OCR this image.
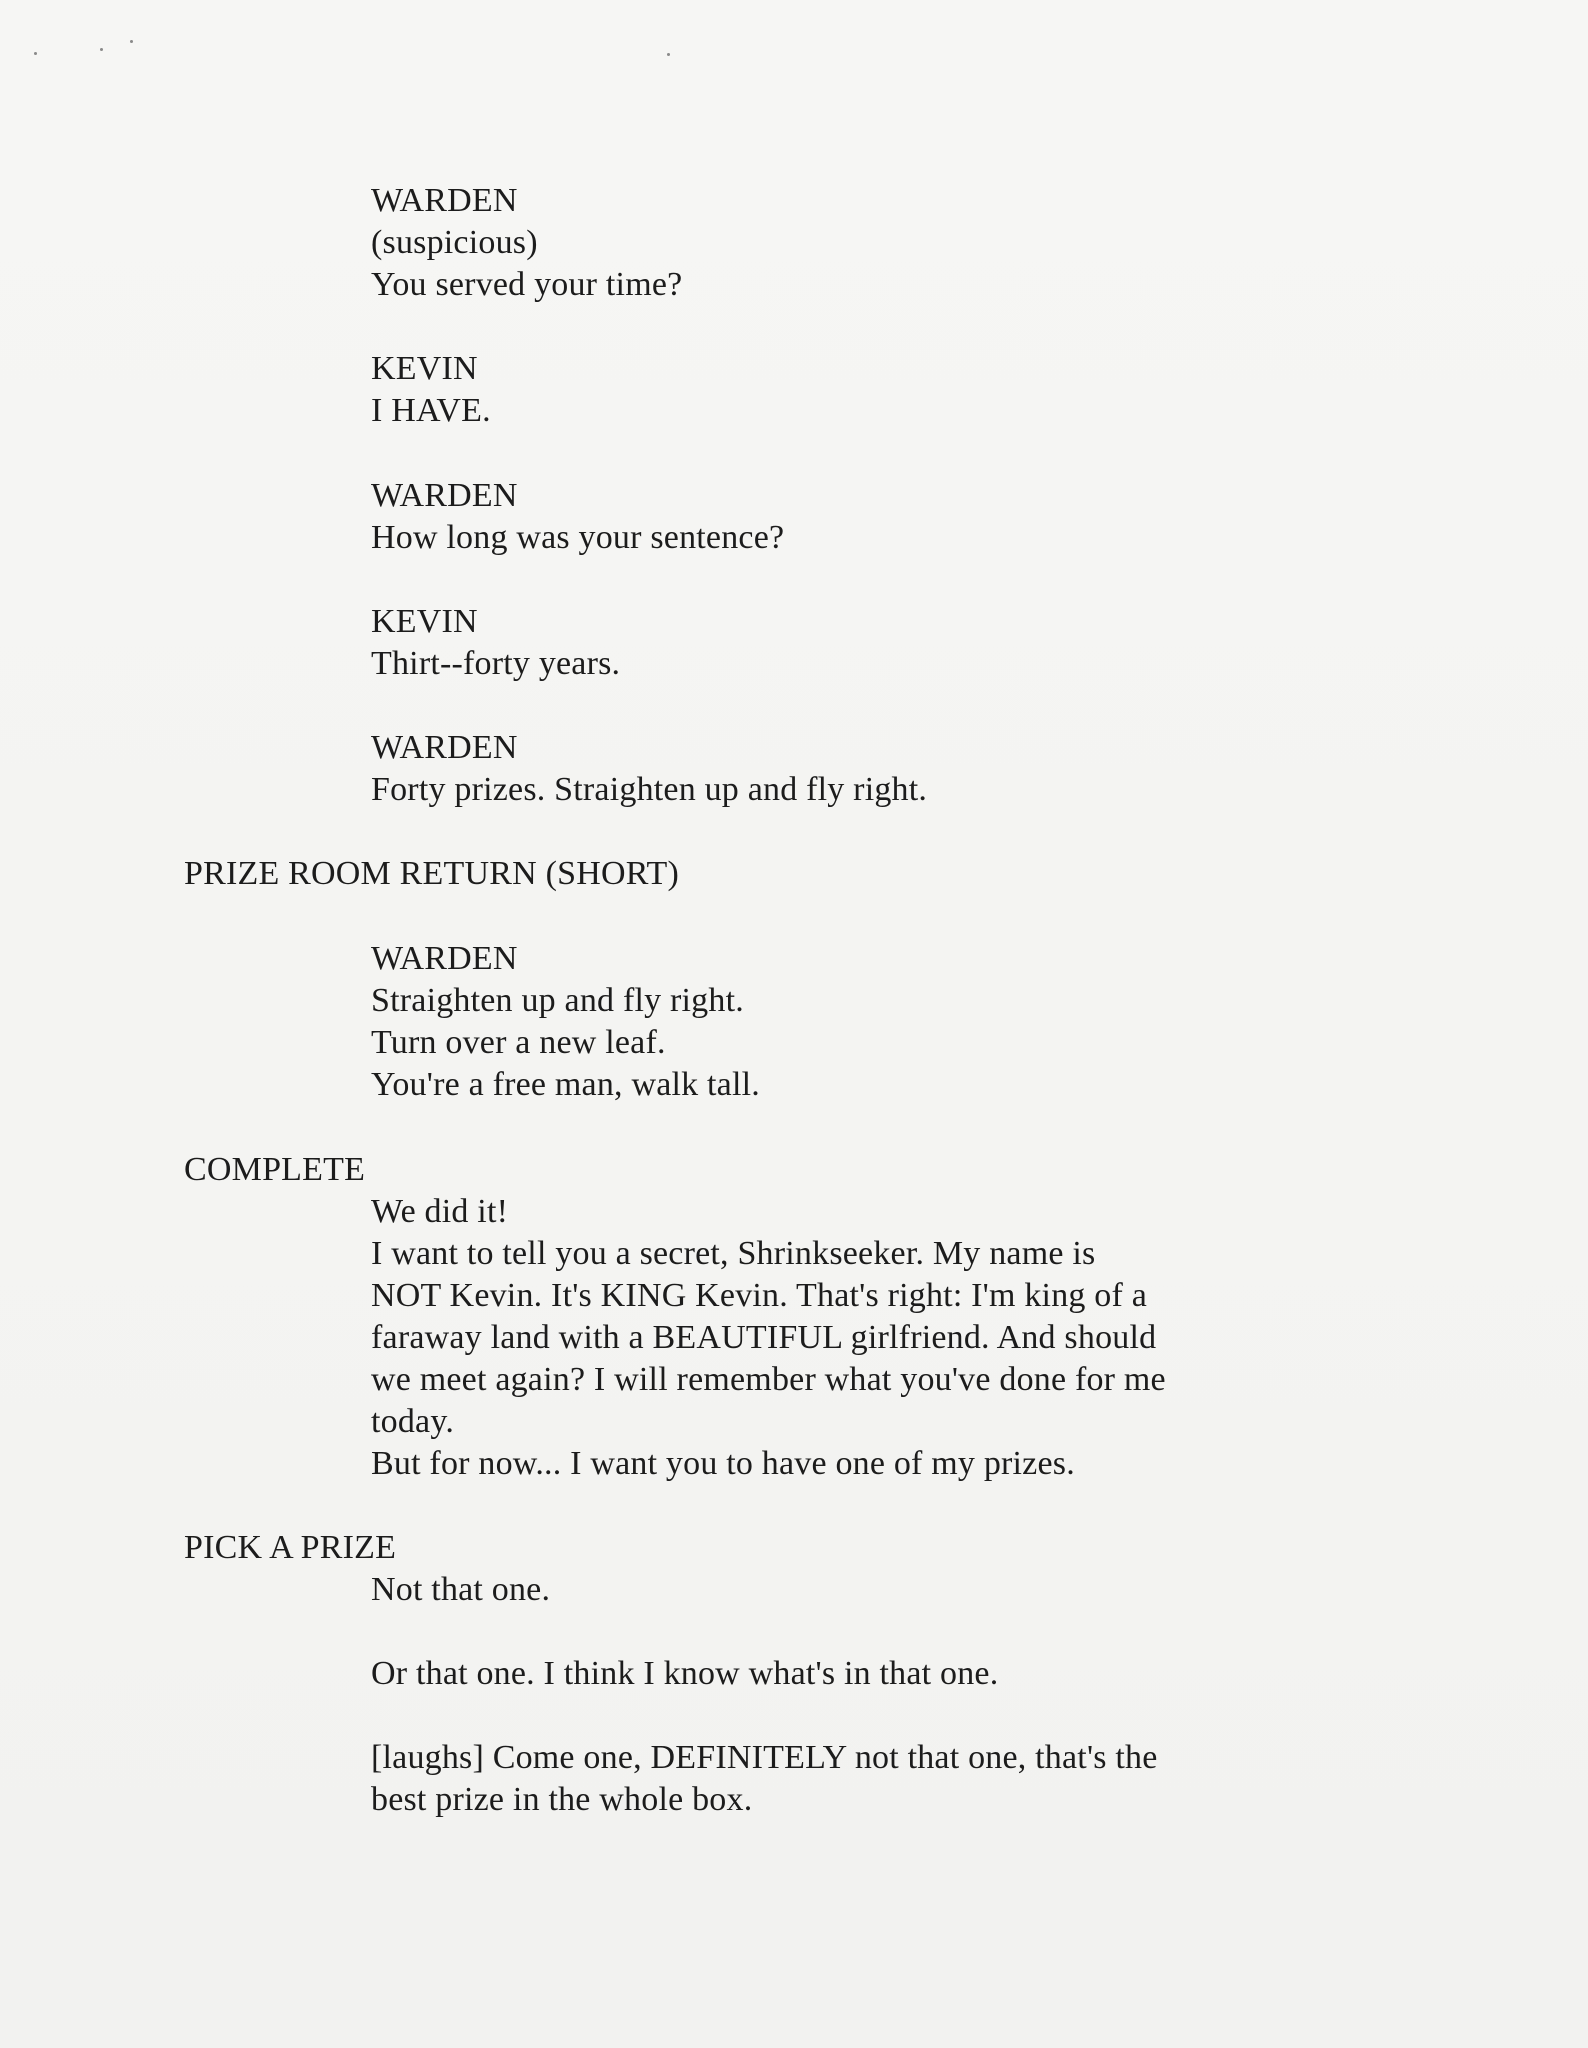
WARDEN
(suspicious)
You served your time?
KEVIN
I HAVE.
WARDEN
How long was your sentence?
KEVIN
Thirt--forty years.
WARDEN
Forty prizes. Straighten up and fly right.
PRIZE ROOM RETURN (SHORT)
WARDEN
Straighten up and fly right.
Turn over a new leaf.
You're a free man, walk tall.
COMPLETE
We did it!
I want to tell you a secret, Shrinkseeker. My name is
NOT Kevin. It's KING Kevin. That's right: I'm king of a
faraway land with a BEAUTIFUL girlfriend. And should
we meet again? I will remember what you've done for me
today.
But for now... I want you to have one of my prizes.
PICK A PRIZE
Not that one.
Or that one. I think I know what's in that one.
[laughs] Come one, DEFINITELY not that one, that's the
best prize in the whole box.
